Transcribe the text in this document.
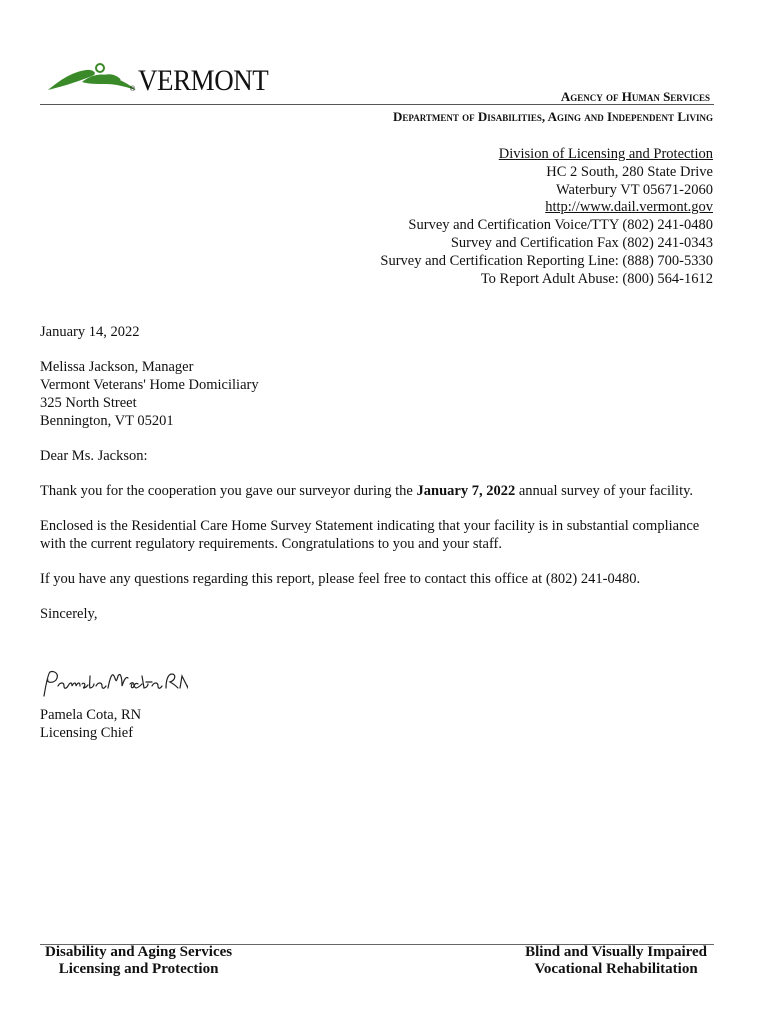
® VERMONT	Agency of Human Services
Department of Disabilities, Aging and Independent Living
Division of Licensing and Protection
HC 2 South, 280 State Drive
Waterbury VT 05671-2060
http://www.dail.vermont.gov
Survey and Certification Voice/TTY (802) 241-0480
Survey and Certification Fax (802) 241-0343
Survey and Certification Reporting Line: (888) 700-5330
To Report Adult Abuse: (800) 564-1612

January 14, 2022

Melissa Jackson, Manager
Vermont Veterans' Home Domiciliary
325 North Street
Bennington, VT 05201

Dear Ms. Jackson:

Thank you for the cooperation you gave our surveyor during the January 7, 2022 annual survey of your facility.

Enclosed is the Residential Care Home Survey Statement indicating that your facility is in substantial compliance with the current regulatory requirements. Congratulations to you and your staff.

If you have any questions regarding this report, please feel free to contact this office at (802) 241-0480.

Sincerely,

Pamela Cota, RN
Licensing Chief
Disability and Aging Services
Licensing and Protection
Blind and Visually Impaired
Vocational Rehabilitation
